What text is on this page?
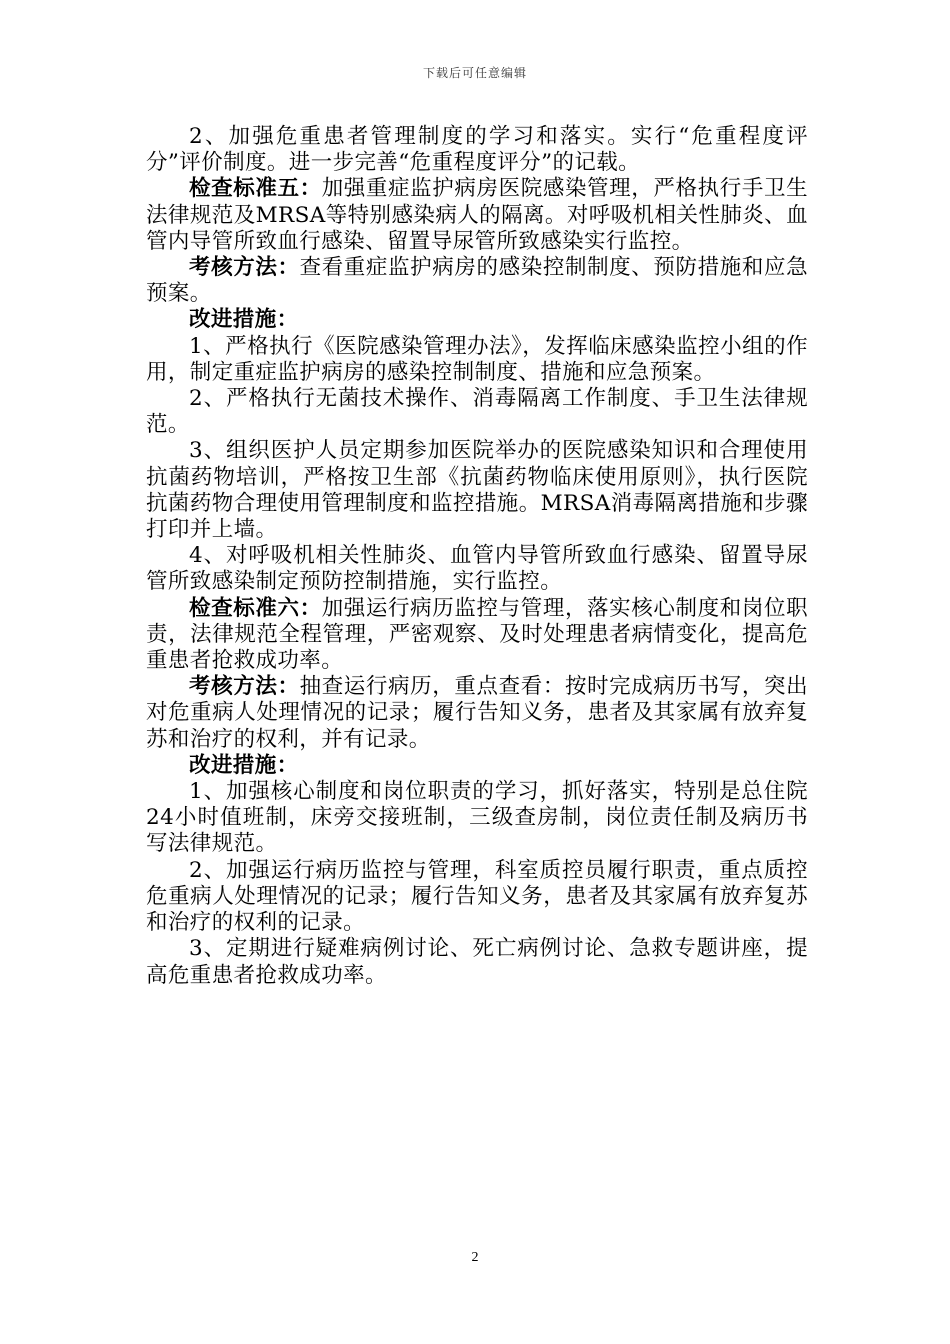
下载后可任意编辑

2、加强危重患者管理制度的学习和落实。实行“危重程度评分”评价制度。进一步完善“危重程度评分”的记载。

检查标准五：加强重症监护病房医院感染管理，严格执行手卫生法律规范及MRSA等特别感染病人的隔离。对呼吸机相关性肺炎、血管内导管所致血行感染、留置导尿管所致感染实行监控。

考核方法：查看重症监护病房的感染控制制度、预防措施和应急预案。

改进措施：

1、严格执行《医院感染管理办法》，发挥临床感染监控小组的作用，制定重症监护病房的感染控制制度、措施和应急预案。

2、严格执行无菌技术操作、消毒隔离工作制度、手卫生法律规范。

3、组织医护人员定期参加医院举办的医院感染知识和合理使用抗菌药物培训，严格按卫生部《抗菌药物临床使用原则》，执行医院抗菌药物合理使用管理制度和监控措施。MRSA消毒隔离措施和步骤打印并上墙。

4、对呼吸机相关性肺炎、血管内导管所致血行感染、留置导尿管所致感染制定预防控制措施，实行监控。

检查标准六：加强运行病历监控与管理，落实核心制度和岗位职责，法律规范全程管理，严密观察、及时处理患者病情变化，提高危重患者抢救成功率。

考核方法：抽查运行病历，重点查看：按时完成病历书写，突出对危重病人处理情况的记录；履行告知义务，患者及其家属有放弃复苏和治疗的权利，并有记录。

改进措施：

1、加强核心制度和岗位职责的学习，抓好落实，特别是总住院24小时值班制，床旁交接班制，三级查房制，岗位责任制及病历书写法律规范。

2、加强运行病历监控与管理，科室质控员履行职责，重点质控危重病人处理情况的记录；履行告知义务，患者及其家属有放弃复苏和治疗的权利的记录。

3、定期进行疑难病例讨论、死亡病例讨论、急救专题讲座，提高危重患者抢救成功率。

2
